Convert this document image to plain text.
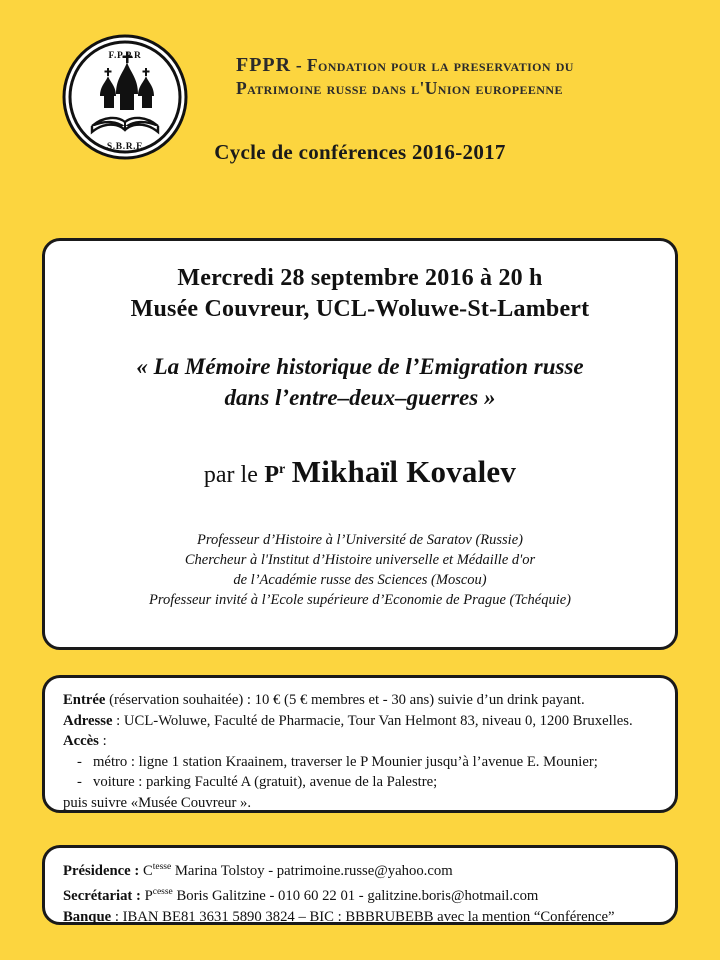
F.P.P.R
S.B.R.E
FPPR - Fondation pour la preservation du
Patrimoine russe dans l'Union europeenne
Cycle de conférences 2016-2017
Mercredi 28 septembre 2016 à 20 h
Musée Couvreur, UCL-Woluwe-St-Lambert
« La Mémoire historique de l’Emigration russe
dans l’entre–deux–guerres »
par le $P^r$ Mikhaïl Kovalev
Professeur d’Histoire à l’Université de Saratov (Russie)
Chercheur à l'Institut d’Histoire universelle et Médaille d'or
de l’Académie russe des Sciences (Moscou)
Professeur invité à l’Ecole supérieure d’Economie de Prague (Tchéquie)
Entrée (réservation souhaitée) : 10 € (5 € membres et - 30 ans) suivie d’un drink payant.
Adresse : UCL-Woluwe, Faculté de Pharmacie, Tour Van Helmont 83, niveau 0, 1200 Bruxelles.
Accès :
- métro : ligne 1 station Kraainem, traverser le P Mounier jusqu’à l’avenue E. Mounier;
- voiture : parking Faculté A (gratuit), avenue de la Palestre;
puis suivre «Musée Couvreur ».
Présidence : $C^{tesse}$ Marina Tolstoy - patrimoine.russe@yahoo.com
Secrétariat : $P^{cesse}$ Boris Galitzine - 010 60 22 01 - galitzine.boris@hotmail.com
Banque : IBAN BE81 3631 5890 3824 – BIC : BBBRUBEBB avec la mention “Conférence”
